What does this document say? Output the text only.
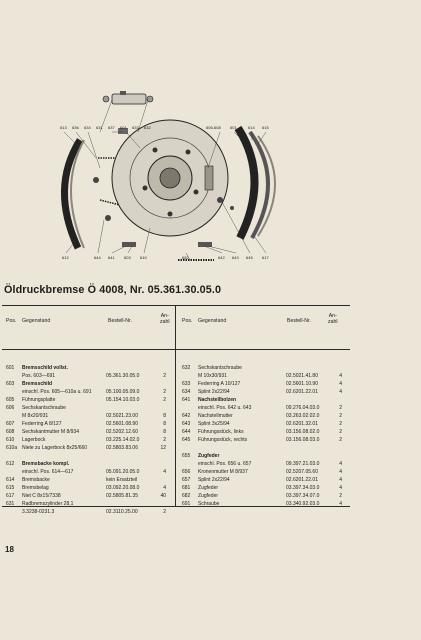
613 636 634 631 637 601 633 632	605-608 601	614 615
612	644 641 603 610	682	642 643 645 617
Öldruckbremse Ö 4008, Nr. 05.361.30.05.0
Pos. Gegenstand	Bestell-Nr.
An-
zahl Pos. Gegenstand	Bestell-Nr.
An-
zahl
601 Bremsschild vollst.
Pos. 603—691	05.361.30.05.0	2
603 Bremsschild
einschl. Pos. 605—610a u. 691	05.100.05.09.0	2
605 Führungsplatte	05.154.10.03.0	2
606 Sechskantschraube
M 8x20/931	02.5021.23.00	8
607 Federring A 8/127	02.5601.08.90	8
608 Sechskantmutter M 8/934	02.5202.12.60	8
610 Lagerbock	03.225.14.02.0	2
610a Niete zu Lagerbock 8x25/660	02.5803.83.06	12
612 Bremsbacke kompl.
einschl. Pos. 614—617	05.091.20.05.0	4
614 Bremsbacke	kein Ersatzteil
615 Bremsbelag	03.092.20.08.0	4
617 Niet C 8x15/7338	02.5805.81.35	40
631 Radbremszylinder 28,1
3.3238-0231.3	02.3110.25.00	2
632 Sechskantschraube
M 10x30/931	02.5021.41.80	4
633 Federring A 10/127	02.5601.10.90	4
634 Splint 2x22/94	02.6201.22.01	4
641 Nachstellbolzen
einschl. Pos. 642 u. 643	09.276.04.03.0	2
642 Nachstellmutter	03.263.02.02.0	2
643 Splint 3x25/94	02.6201.32.01	2
644 Führungsstück, links	03.156.08.02.0	2
645 Führungsstück, rechts	03.156.08.03.0	2
655 Zugfeder
einschl. Pos. 656 u. 657	09.397.21.03.0	4
656 Kronenmutter M 8/937	02.5207.05.60	4
657 Splint 2x22/94	02.6201.22.01	4
681 Zugfeder	03.397.34.03.0	4
682 Zugfeder	03.397.34.07.0	2
691 Schraube	03.340.92.03.0	4
18
